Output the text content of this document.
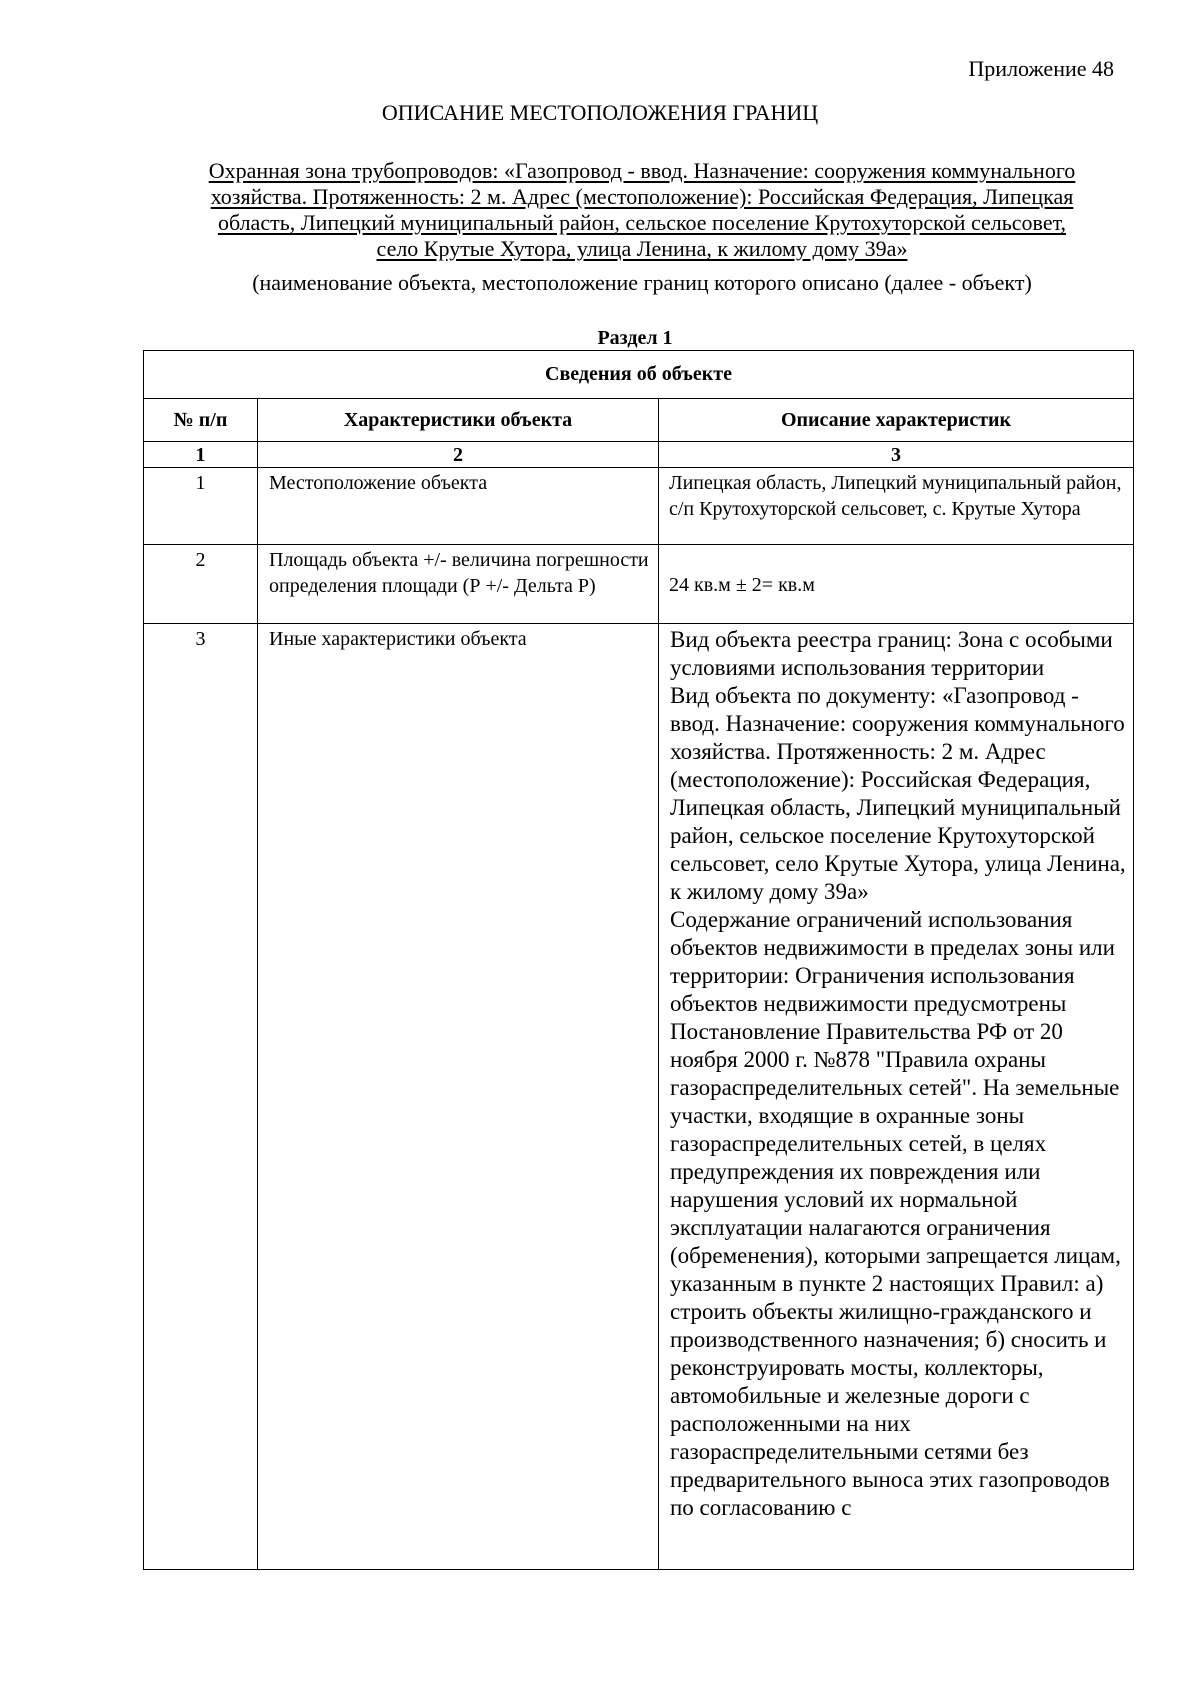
Приложение 48
ОПИСАНИЕ МЕСТОПОЛОЖЕНИЯ ГРАНИЦ
Охранная зона трубопроводов: «Газопровод - ввод. Назначение: сооружения коммунального
хозяйства. Протяженность: 2 м. Адрес (местоположение): Российская Федерация, Липецкая
область, Липецкий муниципальный район, сельское поселение Крутохуторской сельсовет,
село Крутые Хутора, улица Ленина, к жилому дому 39а»
(наименование объекта, местоположение границ которого описано (далее - объект)
Раздел 1
Сведения об объекте		
№ п/п	Характеристики объекта	Описание характеристик
1	2	3
1	Местоположение объекта	Липецкая область, Липецкий муниципальный район, с/п Крутохуторской сельсовет, с. Крутые Хутора
2	Площадь объекта +/- величина погрешности определения площади (Р +/- Дельта Р)	24 кв.м ± 2= кв.м
3	Иные характеристики объекта	Вид объекта реестра границ: Зона с особыми условиями использования территории
Вид объекта по документу: «Газопровод - ввод. Назначение: сооружения коммунального хозяйства. Протяженность: 2 м. Адрес (местоположение): Российская Федерация, Липецкая область, Липецкий муниципальный район, сельское поселение Крутохуторской сельсовет, село Крутые Хутора, улица Ленина, к жилому дому 39а»
Содержание ограничений использования объектов недвижимости в пределах зоны или территории: Ограничения использования объектов недвижимости предусмотрены Постановление Правительства РФ от 20 ноября 2000 г. №878 "Правила охраны газораспределительных сетей". На земельные участки, входящие в охранные зоны газораспределительных сетей, в целях предупреждения их повреждения или нарушения условий их нормальной эксплуатации налагаются ограничения (обременения), которыми запрещается лицам, указанным в пункте 2 настоящих Правил: а) строить объекты жилищно-гражданского и производственного назначения; б) сносить и реконструировать мосты, коллекторы, автомобильные и железные дороги с расположенными на них газораспределительными сетями без предварительного выноса этих газопроводов по согласованию с
